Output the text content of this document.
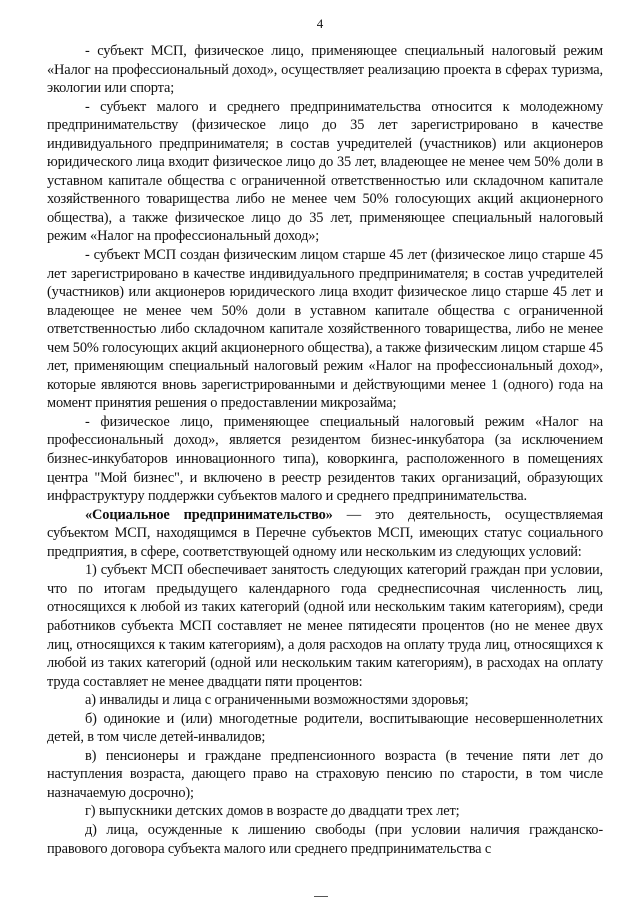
4

- субъект МСП, физическое лицо, применяющее специальный налоговый режим «Налог на профессиональный доход», осуществляет реализацию проекта в сферах туризма, экологии или спорта;

- субъект малого и среднего предпринимательства относится к молодежному предпринимательству (физическое лицо до 35 лет зарегистрировано в качестве индивидуального предпринимателя; в состав учредителей (участников) или акционеров юридического лица входит физическое лицо до 35 лет, владеющее не менее чем 50% доли в уставном капитале общества с ограниченной ответственностью или складочном капитале хозяйственного товарищества либо не менее чем 50% голосующих акций акционерного общества), а также физическое лицо до 35 лет, применяющее специальный налоговый режим «Налог на профессиональный доход»;

- субъект МСП создан физическим лицом старше 45 лет (физическое лицо старше 45 лет зарегистрировано в качестве индивидуального предпринимателя; в состав учредителей (участников) или акционеров юридического лица входит физическое лицо старше 45 лет и владеющее не менее чем 50% доли в уставном капитале общества с ограниченной ответственностью либо складочном капитале хозяйственного товарищества, либо не менее чем 50% голосующих акций акционерного общества), а также физическим лицом старше 45 лет, применяющим специальный налоговый режим «Налог на профессиональный доход», которые являются вновь зарегистрированными и действующими менее 1 (одного) года на момент принятия решения о предоставлении микрозайма;

- физическое лицо, применяющее специальный налоговый режим «Налог на профессиональный доход», является резидентом бизнес-инкубатора (за исключением бизнес-инкубаторов инновационного типа), коворкинга, расположенного в помещениях центра "Мой бизнес", и включено в реестр резидентов таких организаций, образующих инфраструктуру поддержки субъектов малого и среднего предпринимательства.

«Социальное предпринимательство» — это деятельность, осуществляемая субъектом МСП, находящимся в Перечне субъектов МСП, имеющих статус социального предприятия, в сфере, соответствующей одному или нескольким из следующих условий:

1) субъект МСП обеспечивает занятость следующих категорий граждан при условии, что по итогам предыдущего календарного года среднесписочная численность лиц, относящихся к любой из таких категорий (одной или нескольким таким категориям), среди работников субъекта МСП составляет не менее пятидесяти процентов (но не менее двух лиц, относящихся к таким категориям), а доля расходов на оплату труда лиц, относящихся к любой из таких категорий (одной или нескольким таким категориям), в расходах на оплату труда составляет не менее двадцати пяти процентов:

а) инвалиды и лица с ограниченными возможностями здоровья;

б) одинокие и (или) многодетные родители, воспитывающие несовершеннолетних детей, в том числе детей-инвалидов;

в) пенсионеры и граждане предпенсионного возраста (в течение пяти лет до наступления возраста, дающего право на страховую пенсию по старости, в том числе назначаемую досрочно);

г) выпускники детских домов в возрасте до двадцати трех лет;

д) лица, осужденные к лишению свободы (при условии наличия гражданско-правового договора субъекта малого или среднего предпринимательства с
